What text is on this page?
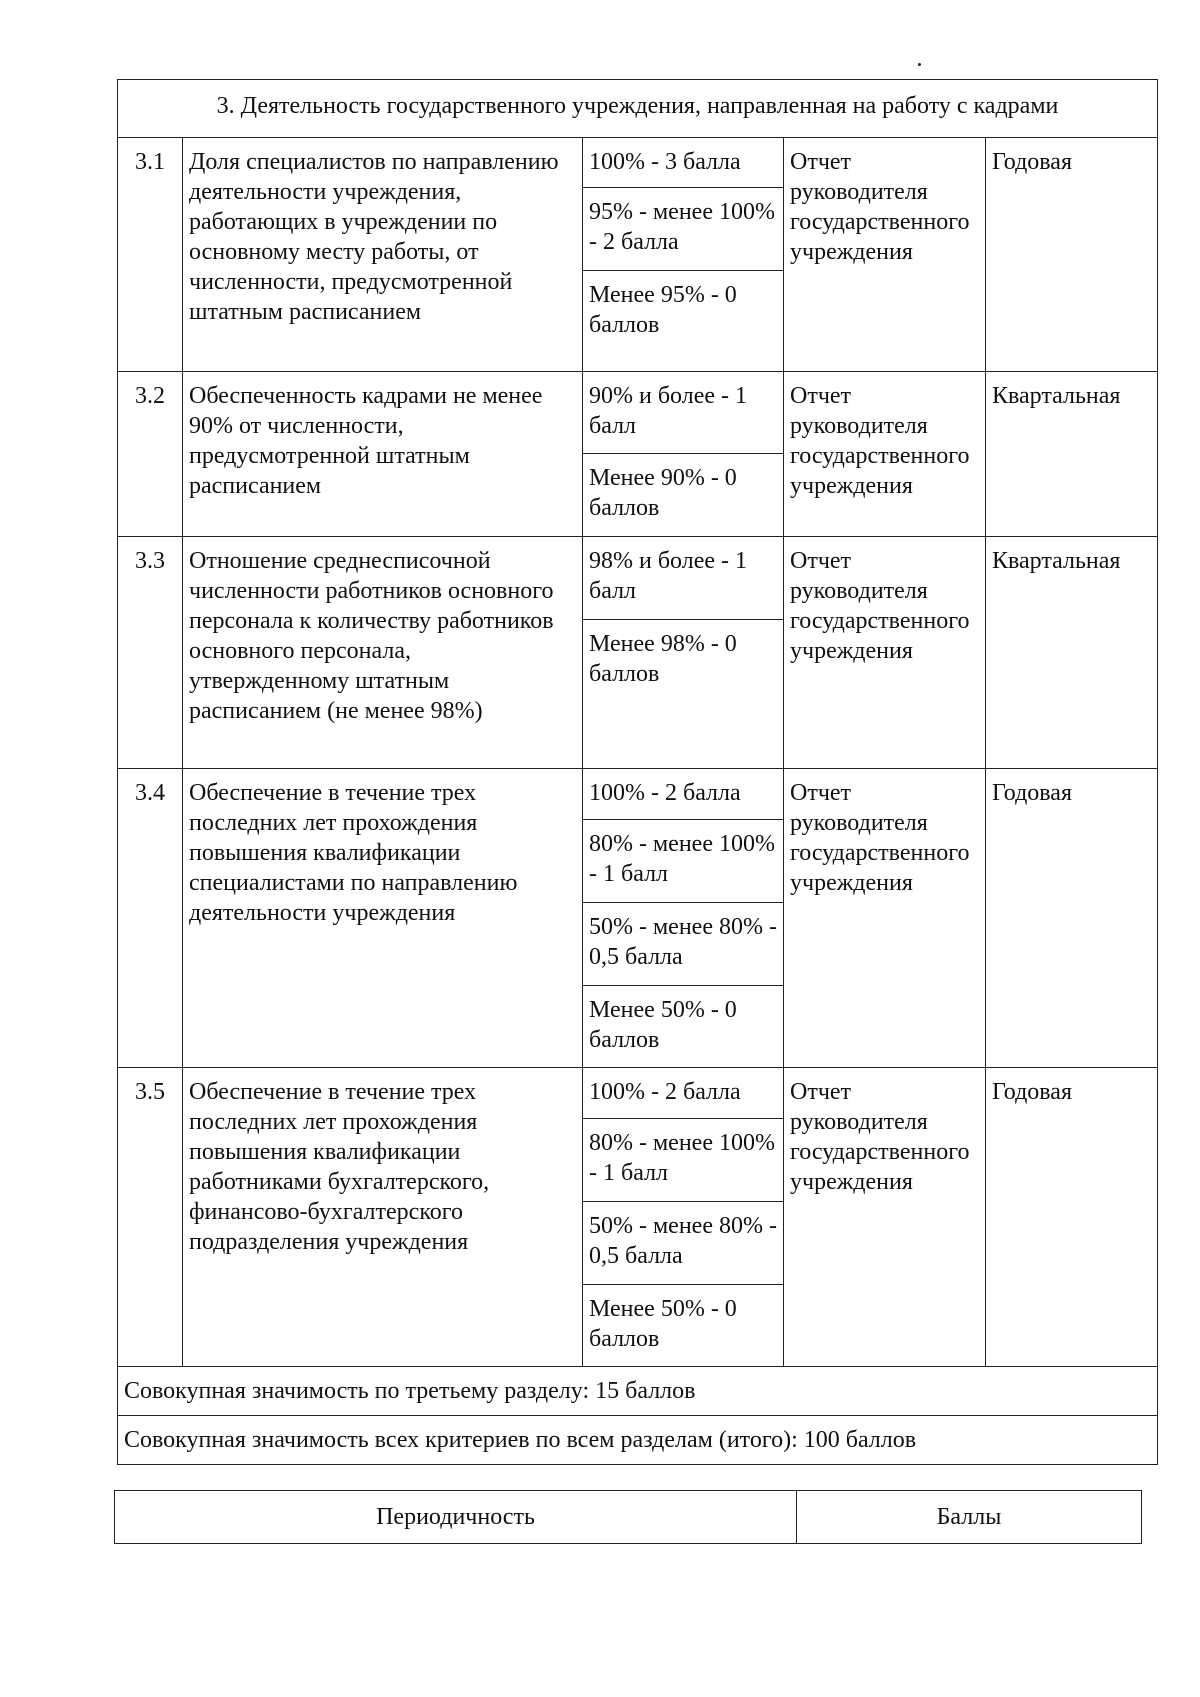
3. Деятельность государственного учреждения, направленная на работу с кадрами				
3.1	Доля специалистов по направлению деятельности учреждения, работающих в учреждении по основному месту работы, от численности, предусмотренной штатным расписанием	100% - 3 балла	Отчет руководителя государственного учреждения	Годовая
		95% - менее 100% - 2 балла		
		Менее 95% - 0 баллов		
3.2	Обеспеченность кадрами не менее 90% от численности, предусмотренной штатным расписанием	90% и более - 1 балл	Отчет руководителя государственного учреждения	Квартальная
		Менее 90% - 0 баллов		
3.3	Отношение среднесписочной численности работников основного персонала к количеству работников основного персонала, утвержденному штатным расписанием (не менее 98%)	98% и более - 1 балл	Отчет руководителя государственного учреждения	Квартальная
		Менее 98% - 0 баллов		
3.4	Обеспечение в течение трех последних лет прохождения повышения квалификации специалистами по направлению деятельности учреждения	100% - 2 балла	Отчет руководителя государственного учреждения	Годовая
		80% - менее 100% - 1 балл		
		50% - менее 80% - 0,5 балла		
		Менее 50% - 0 баллов		
3.5	Обеспечение в течение трех последних лет прохождения повышения квалификации работниками бухгалтерского, финансово-бухгалтерского подразделения учреждения	100% - 2 балла	Отчет руководителя государственного учреждения	Годовая
		80% - менее 100% - 1 балл		
		50% - менее 80% - 0,5 балла		
		Менее 50% - 0 баллов		
Совокупная значимость по третьему разделу: 15 баллов				
Совокупная значимость всех критериев по всем разделам (итого): 100 баллов				
Периодичность	Баллы
